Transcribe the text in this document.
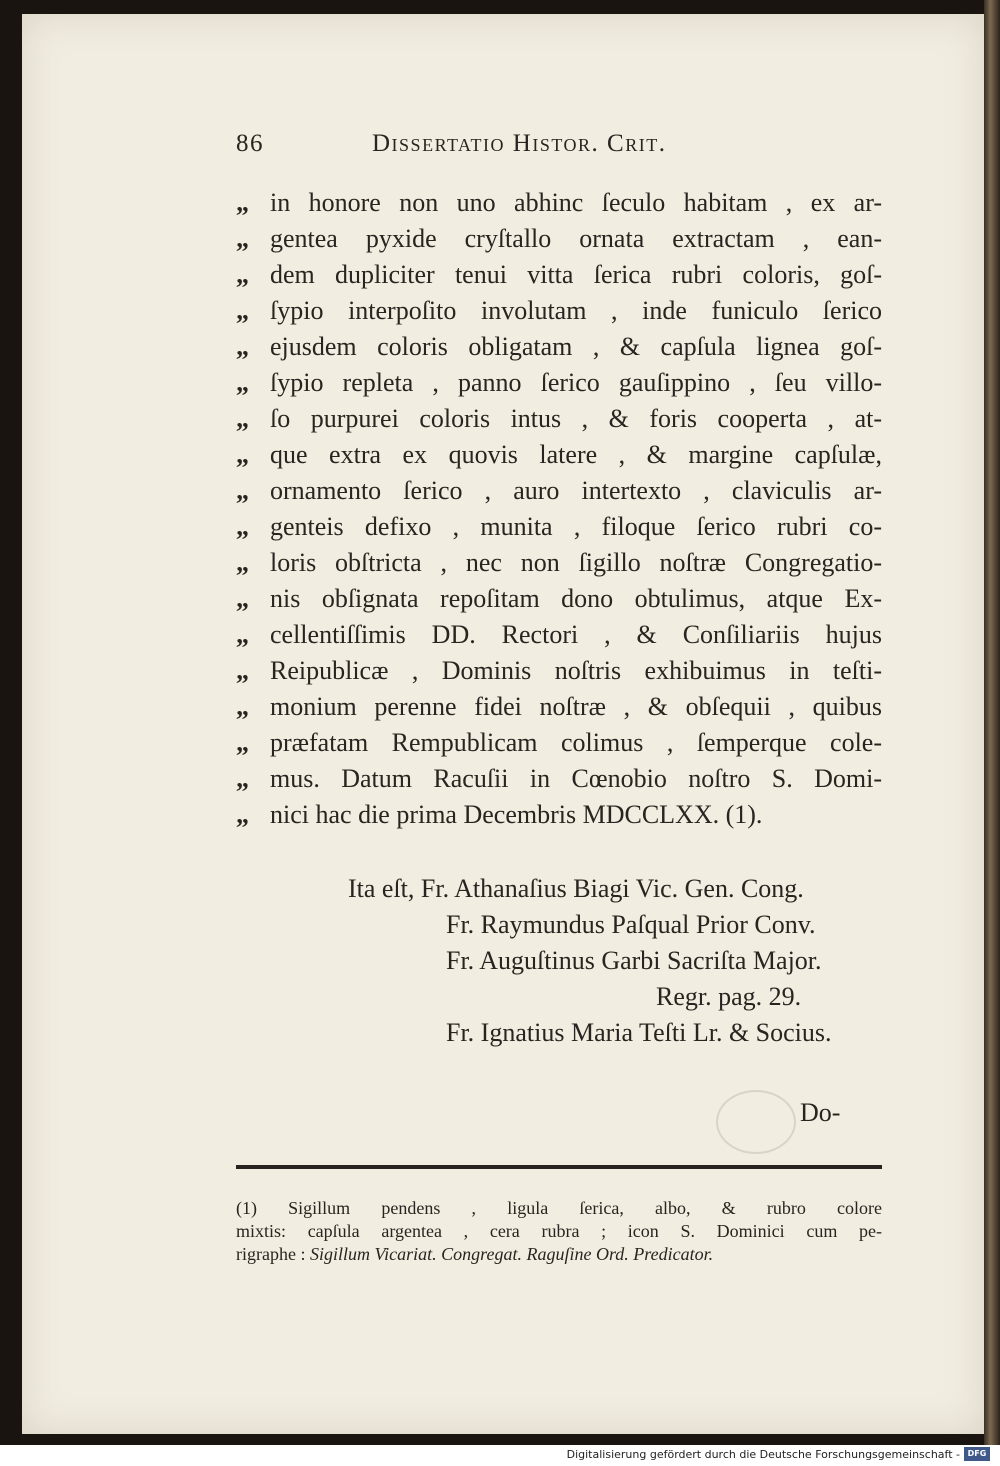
86	Dissertatio Histor. Crit.
„ in honore non uno abhinc ſeculo habitam , ex ar-
„ gentea pyxide cryſtallo ornata extractam , ean-
„ dem dupliciter tenui vitta ſerica rubri coloris, goſ-
„ ſypio interpoſito involutam , inde funiculo ſerico
„ ejusdem coloris obligatam , & capſula lignea goſ-
„ ſypio repleta , panno ſerico gauſippino , ſeu villo-
„ ſo purpurei coloris intus , & foris cooperta , at-
„ que extra ex quovis latere , & margine capſulæ,
„ ornamento ſerico , auro intertexto , claviculis ar-
„ genteis defixo , munita , filoque ſerico rubri co-
„ loris obſtricta , nec non ſigillo noſtræ Congregatio-
„ nis obſignata repoſitam dono obtulimus, atque Ex-
„ cellentiſſimis DD. Rectori , & Conſiliariis hujus
„ Reipublicæ , Dominis noſtris exhibuimus in teſti-
„ monium perenne fidei noſtræ , & obſequii , quibus
„ præfatam Rempublicam colimus , ſemperque cole-
„ mus. Datum Racuſii in Cœnobio noſtro S. Domi-
„ nici hac die prima Decembris MDCCLXX. (1).
Ita eſt, Fr. Athanaſius Biagi Vic. Gen. Cong.
Fr. Raymundus Paſqual Prior Conv.
Fr. Auguſtinus Garbi Sacriſta Major.
Regr. pag. 29.
Fr. Ignatius Maria Teſti Lr. & Socius.
Do-
(1) Sigillum pendens , ligula ſerica, albo, & rubro colore
mixtis: capſula argentea , cera rubra ; icon S. Dominici cum pe-
rigraphe : Sigillum Vicariat. Congregat. Raguſine Ord. Predicator.
Digitalisierung gefördert durch die Deutsche Forschungsgemeinschaft - DFG
